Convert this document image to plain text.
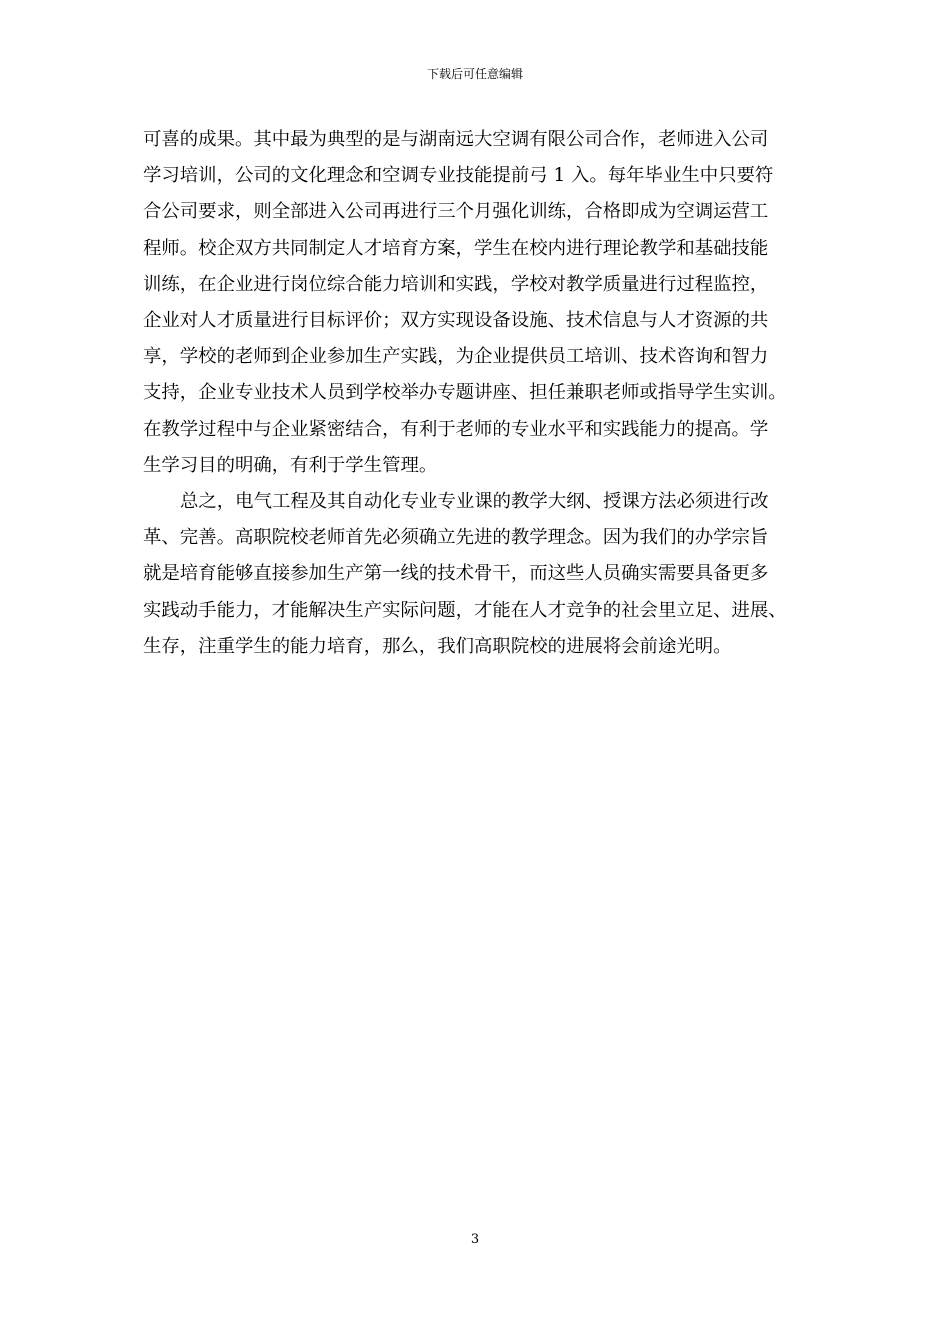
下载后可任意编辑

可喜的成果。其中最为典型的是与湖南远大空调有限公司合作，老师进入公司
学习培训，公司的文化理念和空调专业技能提前弓 1 入。每年毕业生中只要符
合公司要求，则全部进入公司再进行三个月强化训练，合格即成为空调运营工
程师。校企双方共同制定人才培育方案，学生在校内进行理论教学和基础技能
训练，在企业进行岗位综合能力培训和实践，学校对教学质量进行过程监控，
企业对人才质量进行目标评价；双方实现设备设施、技术信息与人才资源的共
享，学校的老师到企业参加生产实践，为企业提供员工培训、技术咨询和智力
支持，企业专业技术人员到学校举办专题讲座、担任兼职老师或指导学生实训。
在教学过程中与企业紧密结合，有利于老师的专业水平和实践能力的提高。学
生学习目的明确，有利于学生管理。

总之，电气工程及其自动化专业专业课的教学大纲、授课方法必须进行改
革、完善。高职院校老师首先必须确立先进的教学理念。因为我们的办学宗旨
就是培育能够直接参加生产第一线的技术骨干，而这些人员确实需要具备更多
实践动手能力，才能解决生产实际问题，才能在人才竞争的社会里立足、进展、
生存，注重学生的能力培育，那么，我们高职院校的进展将会前途光明。

3
